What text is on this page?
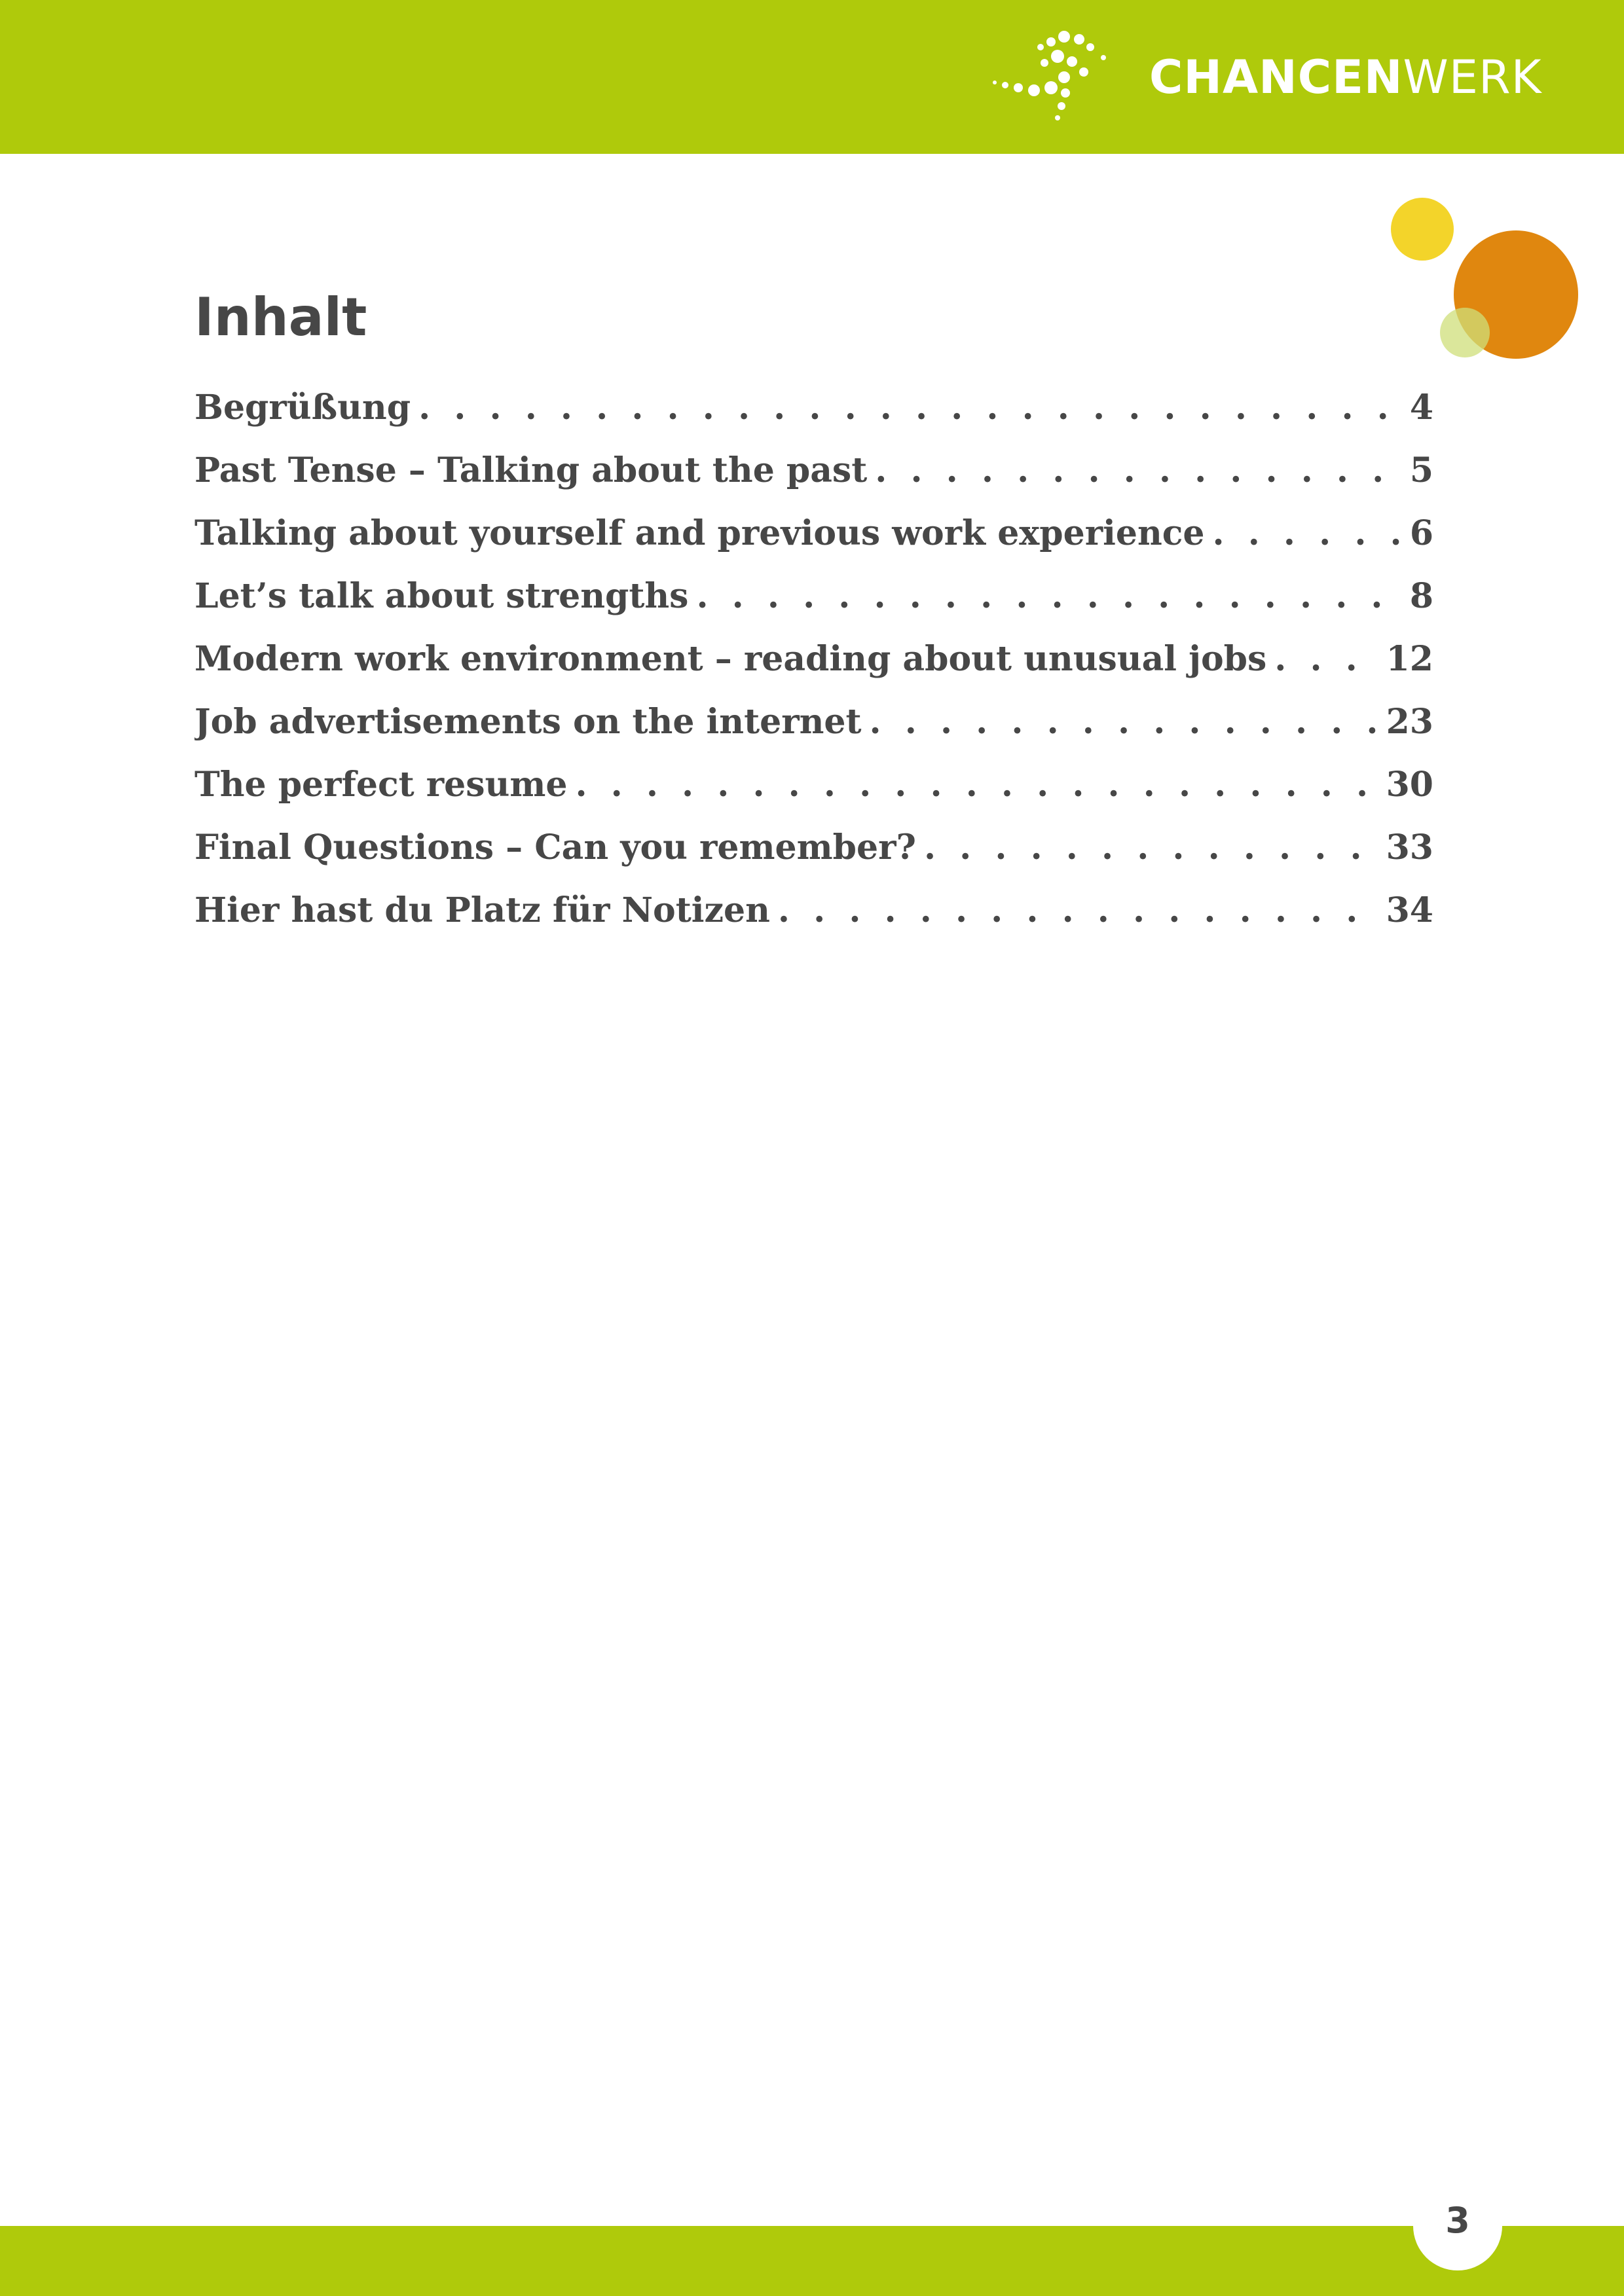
CHANCENWERK
Inhalt
Begrüßung . . .	4
Past Tense – Talking about the past . . .	5
Talking about yourself and previous work experience . . .	6
Let’s talk about strengths . . .	8
Modern work environment – reading about unusual jobs . . .	12
Job advertisements on the internet . . .	23
The perfect resume . . .	30
Final Questions – Can you remember? . . .	33
Hier hast du Platz für Notizen . . .	34
3
